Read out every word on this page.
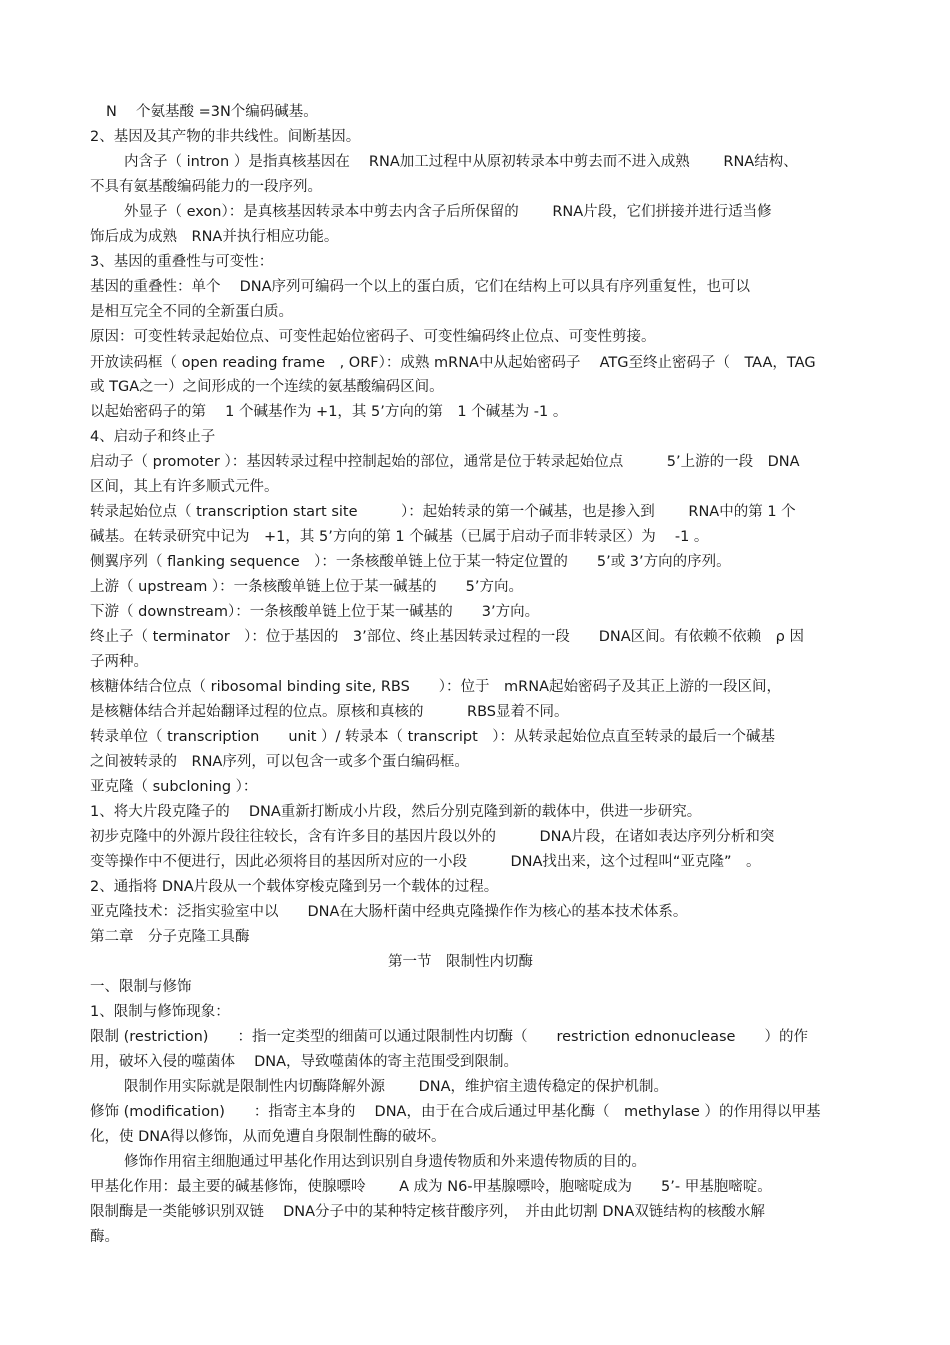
N　 个氨基酸 =3N个编码碱基。
2、基因及其产物的非共线性。间断基因。
内含子（ intron ）是指真核基因在　 RNA加工过程中从原初转录本中剪去而不进入成熟　　 RNA结构、
不具有氨基酸编码能力的一段序列。
外显子（ exon）：是真核基因转录本中剪去内含子后所保留的　　 RNA片段，它们拼接并进行适当修
饰后成为成熟　RNA并执行相应功能。
3、基因的重叠性与可变性：
基因的重叠性：单个　 DNA序列可编码一个以上的蛋白质，它们在结构上可以具有序列重复性，也可以
是相互完全不同的全新蛋白质。
原因：可变性转录起始位点、可变性起始位密码子、可变性编码终止位点、可变性剪接。
开放读码框（ open reading frame　, ORF）：成熟 mRNA中从起始密码子　 ATG至终止密码子（　TAA，TAG
或 TGA之一）之间形成的一个连续的氨基酸编码区间。
以起始密码子的第　 1 个碱基作为 +1，其 5’方向的第　1 个碱基为 -1 。
4、启动子和终止子
启动子（ promoter ）：基因转录过程中控制起始的部位，通常是位于转录起始位点　　　5’上游的一段　DNA
区间，其上有许多顺式元件。
转录起始位点（ transcription start site　　　）：起始转录的第一个碱基，也是掺入到　　 RNA中的第 1 个
碱基。在转录研究中记为　+1，其 5’方向的第 1 个碱基（已属于启动子而非转录区）为　 -1 。
侧翼序列（ flanking sequence　）：一条核酸单链上位于某一特定位置的　　5’或 3’方向的序列。
上游（ upstream ）：一条核酸单链上位于某一碱基的　　5’方向。
下游（ downstream）：一条核酸单链上位于某一碱基的　　3’方向。
终止子（ terminator　）：位于基因的　3’部位、终止基因转录过程的一段　　DNA区间。有依赖不依赖　ρ 因
子两种。
核糖体结合位点（ ribosomal binding site, RBS　　）：位于　mRNA起始密码子及其正上游的一段区间，
是核糖体结合并起始翻译过程的位点。原核和真核的　　　RBS显着不同。
转录单位（ transcription　　unit ）/ 转录本（ transcript　）：从转录起始位点直至转录的最后一个碱基
之间被转录的　RNA序列，可以包含一或多个蛋白编码框。
亚克隆（ subcloning ）：
1、将大片段克隆子的　 DNA重新打断成小片段，然后分别克隆到新的载体中，供进一步研究。
初步克隆中的外源片段往往较长，含有许多目的基因片段以外的　　　DNA片段，在诸如表达序列分析和突
变等操作中不便进行，因此必须将目的基因所对应的一小段　　　DNA找出来，这个过程叫“亚克隆”　。
2、通指将 DNA片段从一个载体穿梭克隆到另一个载体的过程。
亚克隆技术：泛指实验室中以　　DNA在大肠杆菌中经典克隆操作作为核心的基本技术体系。
第二章　分子克隆工具酶
第一节　限制性内切酶
一、限制与修饰
1、限制与修饰现象：
限制 (restriction)　　：指一定类型的细菌可以通过限制性内切酶（　　restriction ednonuclease　　）的作
用，破坏入侵的噬菌体　 DNA，导致噬菌体的寄主范围受到限制。
限制作用实际就是限制性内切酶降解外源　　 DNA，维护宿主遗传稳定的保护机制。
修饰 (modification)　　：指寄主本身的　 DNA，由于在合成后通过甲基化酶（　methylase ）的作用得以甲基
化，使 DNA得以修饰，从而免遭自身限制性酶的破坏。
修饰作用宿主细胞通过甲基化作用达到识别自身遗传物质和外来遗传物质的目的。
甲基化作用：最主要的碱基修饰，使腺嘌呤　　 A 成为 N6-甲基腺嘌呤，胞嘧啶成为　　5’- 甲基胞嘧啶。
限制酶是一类能够识别双链　 DNA分子中的某种特定核苷酸序列，　并由此切割 DNA双链结构的核酸水解
酶。
